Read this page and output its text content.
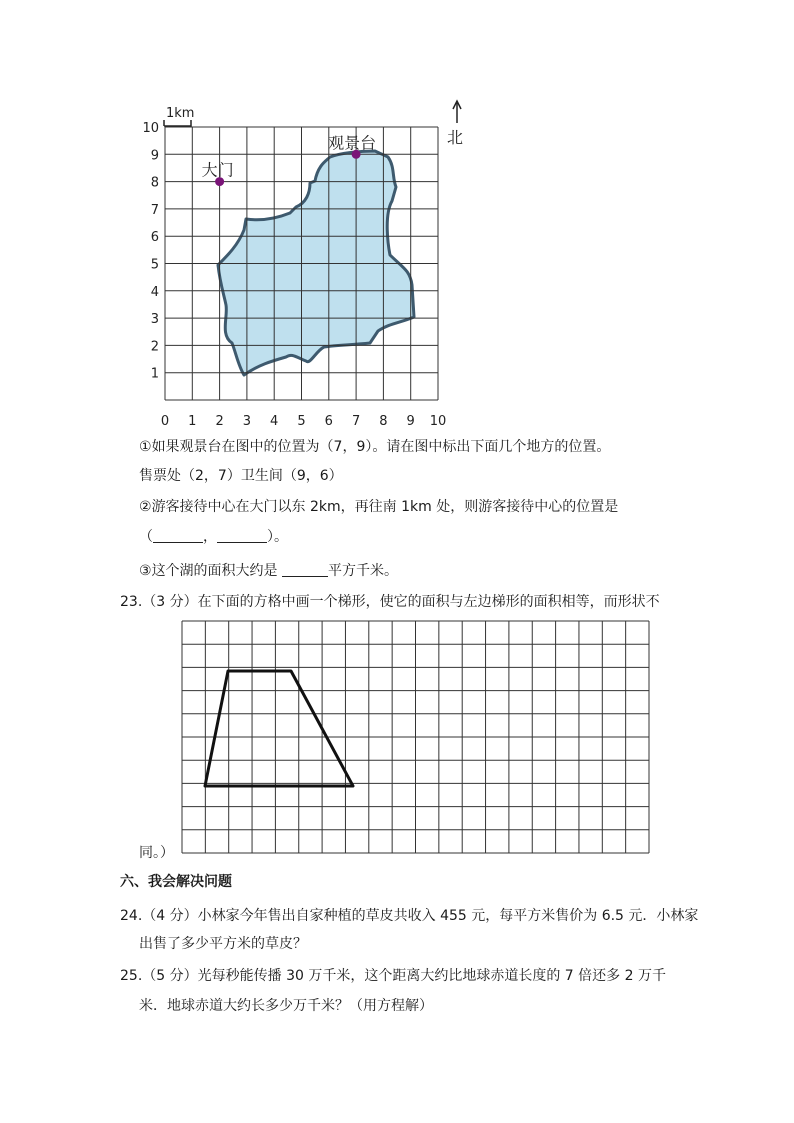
1km
北
10
9
8
7
6
5
4
3
2
1
0 1 2 3 4 5 6 7 8 9 10
大门
观景台
①如果观景台在图中的位置为（7，9）。请在图中标出下面几个地方的位置。
售票处（2，7）卫生间（9，6）
②游客接待中心在大门以东 2km，再往南 1km 处，则游客接待中心的位置是
（	，	）。
③这个湖的面积大约是	平方千米。
23.（3 分）在下面的方格中画一个梯形，使它的面积与左边梯形的面积相等，而形状不
同。）
六、我会解决问题
24.（4 分）小林家今年售出自家种植的草皮共收入 455 元，每平方米售价为 6.5 元．小林家
出售了多少平方米的草皮？
25.（5 分）光每秒能传播 30 万千米，这个距离大约比地球赤道长度的 7 倍还多 2 万千
米．地球赤道大约长多少万千米？（用方程解）
